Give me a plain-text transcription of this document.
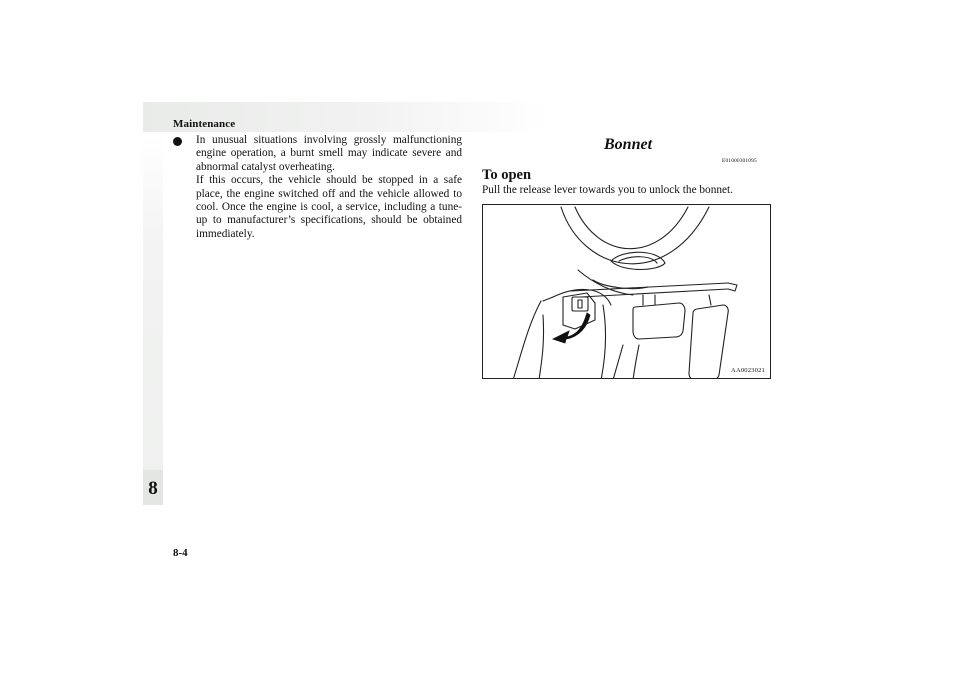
Maintenance
8
8-4

In unusual situations involving grossly malfunctioning engine operation, a burnt smell may indicate severe and abnormal catalyst overheating.

If this occurs, the vehicle should be stopped in a safe place, the engine switched off and the vehicle allowed to cool. Once the engine is cool, a service, including a tune-up to manufacturer’s specifications, should be obtained immediately.

Bonnet
E01000301095
To open
Pull the release lever towards you to unlock the bonnet.
AA0023021
